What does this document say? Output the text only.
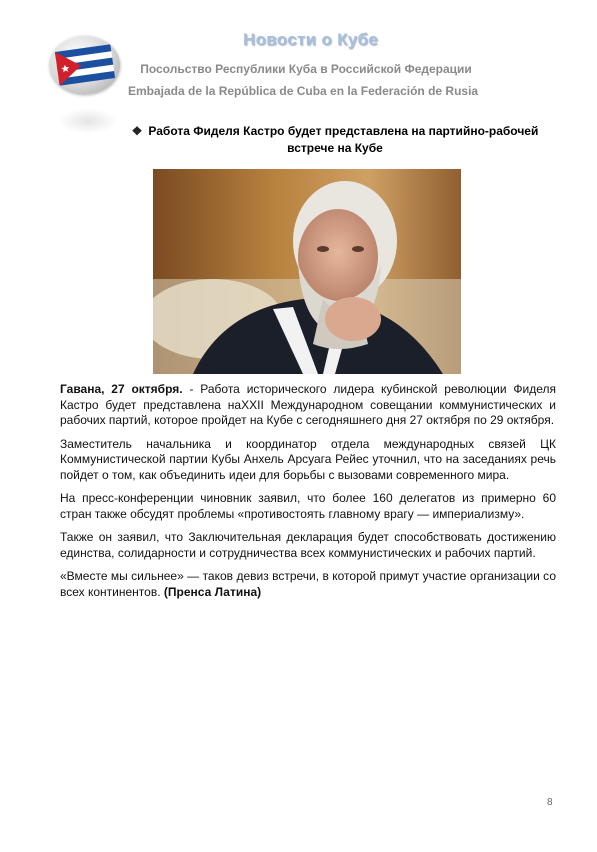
Новости о Кубе
Посольство Республики Куба в Российской Федерации
Embajada de la República de Cuba en la Federación de Rusia
❖ Работа Фиделя Кастро будет представлена на партийно-рабочей встрече на Кубе

Гавана, 27 октября. - Работа исторического лидера кубинской революции Фиделя Кастро будет представлена наXXII Международном совещании коммунистических и рабочих партий, которое пройдет на Кубе с сегодняшнего дня 27 октября по 29 октября.

Заместитель начальника и координатор отдела международных связей ЦК Коммунистической партии Кубы Анхель Арсуага Рейес уточнил, что на заседаниях речь пойдет о том, как объединить идеи для борьбы с вызовами современного мира.

На пресс-конференции чиновник заявил, что более 160 делегатов из примерно 60 стран также обсудят проблемы «противостоять главному врагу — империализму».

Также он заявил, что Заключительная декларация будет способствовать достижению единства, солидарности и сотрудничества всех коммунистических и рабочих партий.

«Вместе мы сильнее» — таков девиз встречи, в которой примут участие организации со всех континентов. (Пренса Латина)

8
